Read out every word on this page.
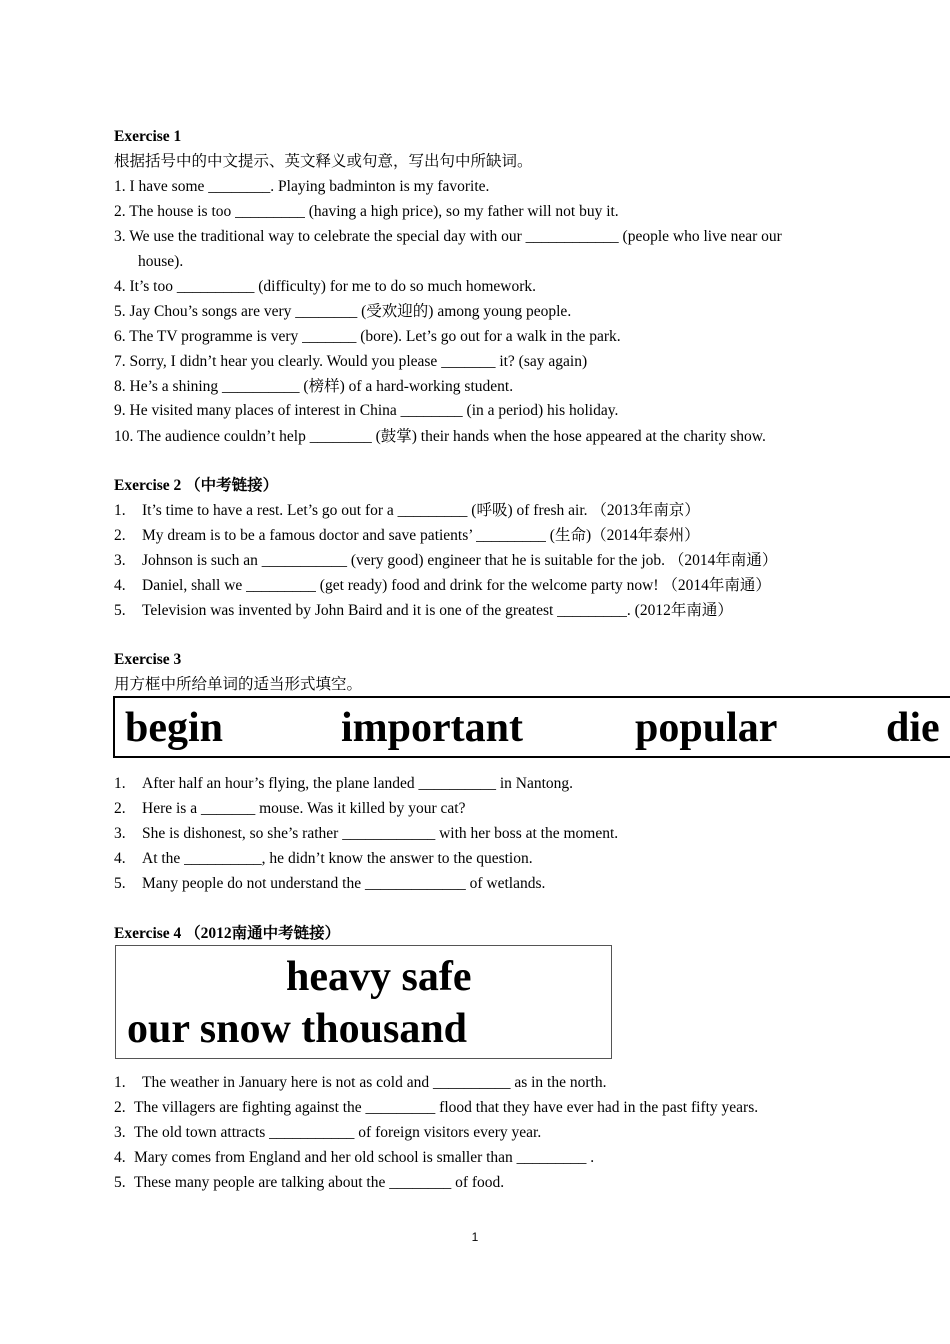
Exercise 1
根据括号中的中文提示、英文释义或句意，写出句中所缺词。
1. I have some ________. Playing badminton is my favorite.
2. The house is too _________ (having a high price), so my father will not buy it.
3. We use the traditional way to celebrate the special day with our ____________ (people who live near our
house).
4. It’s too __________ (difficulty) for me to do so much homework.
5. Jay Chou’s songs are very ________ (受欢迎的) among young people.
6. The TV programme is very _______ (bore). Let’s go out for a walk in the park.
7. Sorry, I didn’t hear you clearly. Would you please _______ it? (say again)
8. He’s a shining __________ (榜样) of a hard-working student.
9. He visited many places of interest in China ________ (in a period) his holiday.
10. The audience couldn’t help ________ (鼓掌) their hands when the hose appeared at the charity show.
Exercise 2 （中考链接）
1. It’s time to have a rest. Let’s go out for a _________ (呼吸) of fresh air. （2013年南京）
2. My dream is to be a famous doctor and save patients’ _________ (生命)（2014年泰州）
3. Johnson is such an ___________ (very good) engineer that he is suitable for the job. （2014年南通）
4. Daniel, shall we _________ (get ready) food and drink for the welcome party now! （2014年南通）
5. Television was invented by John Baird and it is one of the greatest _________. (2012年南通）
Exercise 3
用方框中所给单词的适当形式填空。
begin	important	popular	die
1. After half an hour’s flying, the plane landed __________ in Nantong.
2. Here is a _______ mouse. Was it killed by your cat?
3. She is dishonest, so she’s rather ____________ with her boss at the moment.
4. At the __________, he didn’t know the answer to the question.
5. Many people do not understand the _____________ of wetlands.
Exercise 4 （2012南通中考链接）
heavy safe
our snow thousand
1. The weather in January here is not as cold and __________ as in the north.
2. The villagers are fighting against the _________ flood that they have ever had in the past fifty years.
3. The old town attracts ___________ of foreign visitors every year.
4. Mary comes from England and her old school is smaller than _________ .
5. These many people are talking about the ________ of food.
1
